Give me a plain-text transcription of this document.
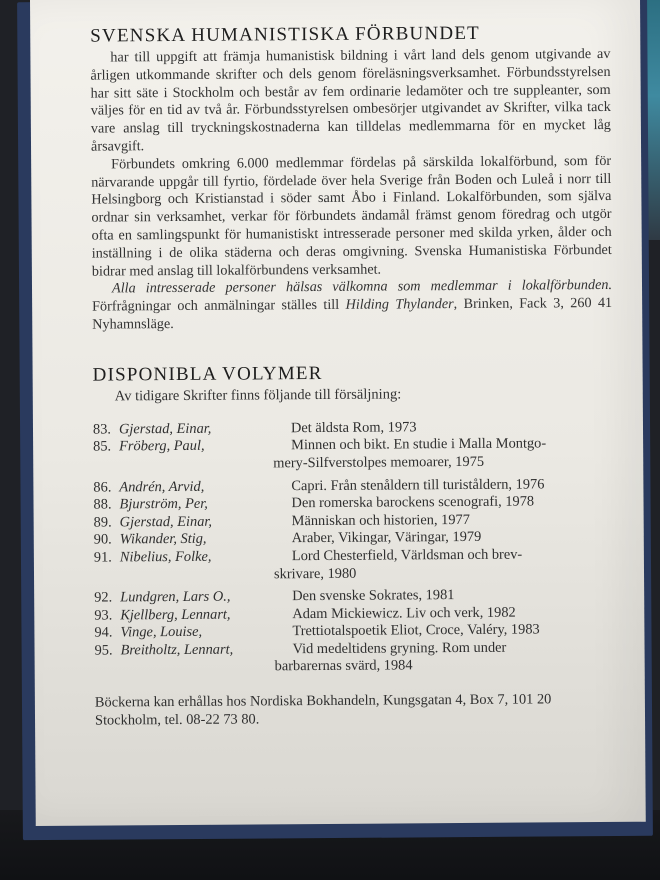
SVENSKA HUMANISTISKA FÖRBUNDET

har till uppgift att främja humanistisk bildning i vårt land dels genom utgivande av årligen utkommande skrifter och dels genom föreläsningsverksamhet. Förbundsstyrelsen har sitt säte i Stockholm och består av fem ordinarie ledamöter och tre suppleanter, som väljes för en tid av två år. Förbundsstyrelsen ombesörjer utgivandet av Skrifter, vilka tack vare anslag till tryckningskostnaderna kan tilldelas medlemmarna för en mycket låg årsavgift.

Förbundets omkring 6.000 medlemmar fördelas på särskilda lokalförbund, som för närvarande uppgår till fyrtio, fördelade över hela Sverige från Boden och Luleå i norr till Helsingborg och Kristianstad i söder samt Åbo i Finland. Lokalförbunden, som själva ordnar sin verksamhet, verkar för förbundets ändamål främst genom föredrag och utgör ofta en samlingspunkt för humanistiskt intresserade personer med skilda yrken, ålder och inställning i de olika städerna och deras omgivning. Svenska Humanistiska Förbundet bidrar med anslag till lokalförbundens verksamhet.

Alla intresserade personer hälsas välkomna som medlemmar i lokalförbunden. Förfrågningar och anmälningar ställes till Hilding Thylander, Brinken, Fack 3, 260 41 Nyhamnsläge.

DISPONIBLA VOLYMER
Av tidigare Skrifter finns följande till försäljning:
83. Gjerstad, Einar,	Det äldsta Rom, 1973
85. Fröberg, Paul,	Minnen och bikt. En studie i Malla Montgo-
mery-Silfverstolpes memoarer, 1975
86. Andrén, Arvid,	Capri. Från stenåldern till turiståldern, 1976
88. Bjurström, Per,	Den romerska barockens scenografi, 1978
89. Gjerstad, Einar,	Människan och historien, 1977
90. Wikander, Stig,	Araber, Vikingar, Väringar, 1979
91. Nibelius, Folke,	Lord Chesterfield, Världsman och brev-
skrivare, 1980
92. Lundgren, Lars O.,	Den svenske Sokrates, 1981
93. Kjellberg, Lennart,	Adam Mickiewicz. Liv och verk, 1982
94. Vinge, Louise,	Trettiotalspoetik Eliot, Croce, Valéry, 1983
95. Breitholtz, Lennart,	Vid medeltidens gryning. Rom under
barbarernas svärd, 1984
Böckerna kan erhållas hos Nordiska Bokhandeln, Kungsgatan 4, Box 7, 101 20 Stockholm, tel. 08-22 73 80.
